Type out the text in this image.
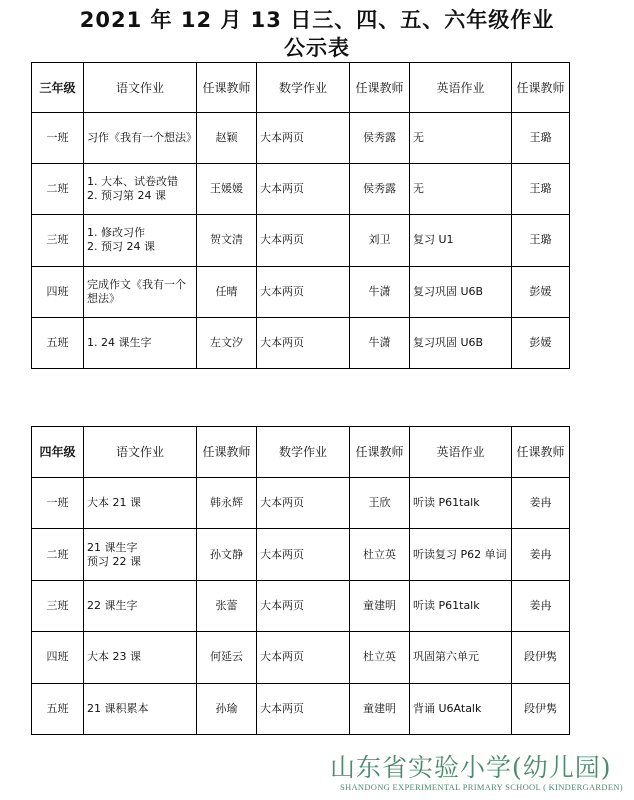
2021 年 12 月 13 日三、四、五、六年级作业
公示表
三年级	语文作业	任课教师	数学作业	任课教师	英语作业	任课教师
一班	习作《我有一个想法》	赵颖	大本两页	侯秀露	无	王璐
二班	1. 大本、试卷改错
2. 预习第 24 课	王媛媛	大本两页	侯秀露	无	王璐
三班	1. 修改习作
2. 预习 24 课	贺文清	大本两页	刘卫	复习 U1	王璐
四班	完成作文《我有一个
想法》	任晴	大本两页	牛潇	复习巩固 U6B	彭媛
五班	1. 24 课生字	左文汐	大本两页	牛潇	复习巩固 U6B	彭媛
四年级	语文作业	任课教师	数学作业	任课教师	英语作业	任课教师
一班	大本 21 课	韩永辉	大本两页	王欣	听读 P61talk	姜冉
二班	21 课生字
预习 22 课	孙文静	大本两页	杜立英	听读复习 P62 单词	姜冉
三班	22 课生字	张蕾	大本两页	童建明	听读 P61talk	姜冉
四班	大本 23 课	何延云	大本两页	杜立英	巩固第六单元	段伊隽
五班	21 课积累本	孙瑜	大本两页	童建明	背诵 U6Atalk	段伊隽
山东省实验小学(幼儿园)
SHANDONG EXPERIMENTAL PRIMARY SCHOOL ( KINDERGARDEN)
